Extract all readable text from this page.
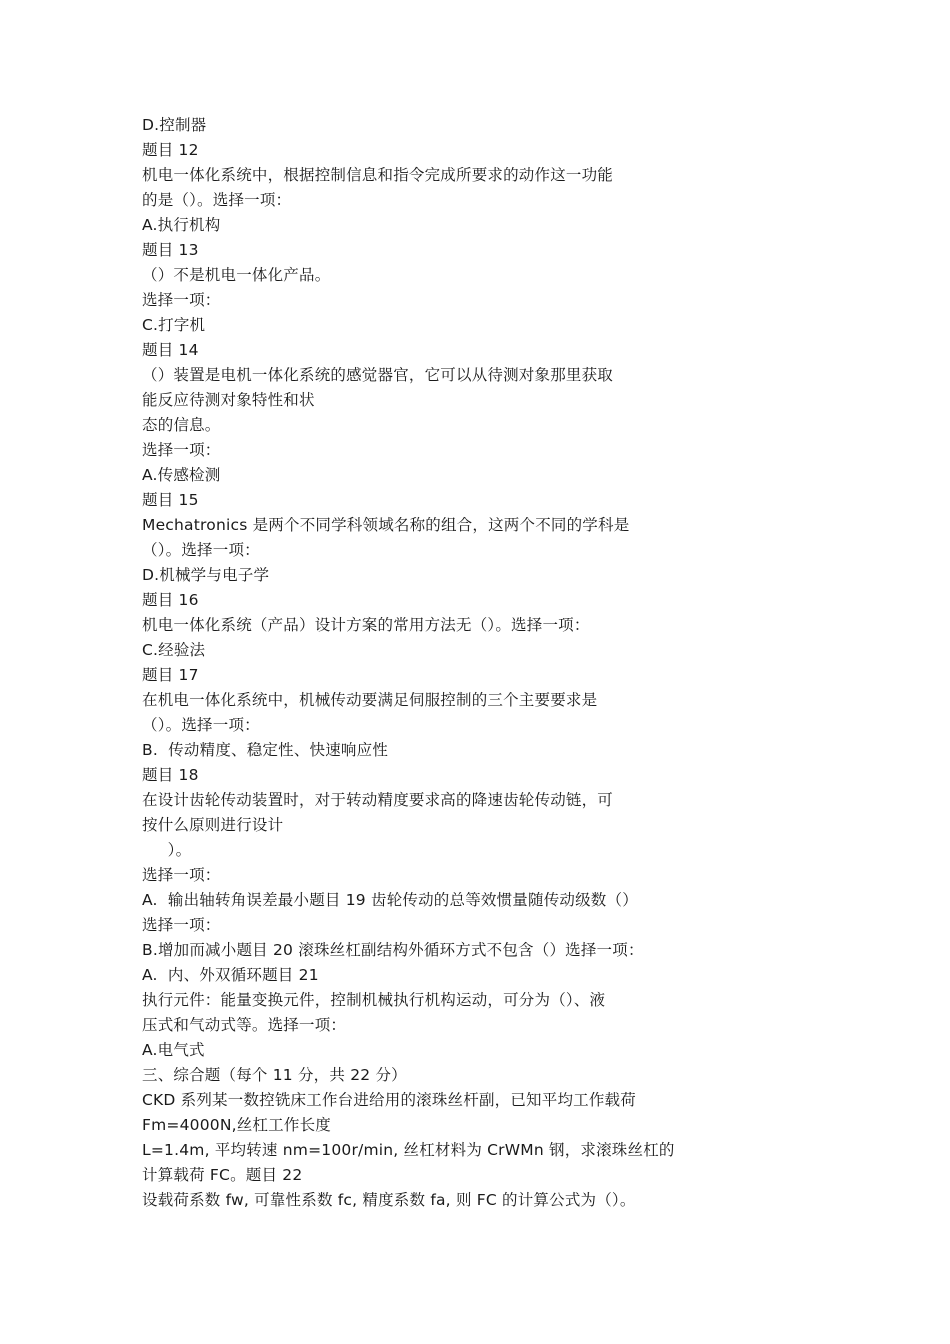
D.控制器
题目 12
机电一体化系统中，根据控制信息和指令完成所要求的动作这一功能
的是（）。选择一项：
A.执行机构
题目 13
（）不是机电一体化产品。
选择一项：
C.打字机
题目 14
（）装置是电机一体化系统的感觉器官，它可以从待测对象那里获取
能反应待测对象特性和状
态的信息。
选择一项：
A.传感检测
题目 15
Mechatronics 是两个不同学科领域名称的组合，这两个不同的学科是
（）。选择一项：
D.机械学与电子学
题目 16
机电一体化系统（产品）设计方案的常用方法无（）。选择一项：
C.经验法
题目 17
在机电一体化系统中，机械传动要满足伺服控制的三个主要要求是
（）。选择一项：
B.  传动精度、稳定性、快速响应性
题目 18
在设计齿轮传动装置时，对于转动精度要求高的降速齿轮传动链，可
按什么原则进行设计
）。
选择一项：
A.  输出轴转角误差最小题目 19 齿轮传动的总等效惯量随传动级数（）
选择一项：
B.增加而减小题目 20 滚珠丝杠副结构外循环方式不包含（）选择一项：
A.  内、外双循环题目 21
执行元件：能量变换元件，控制机械执行机构运动，可分为（）、液
压式和气动式等。选择一项：
A.电气式
三、综合题（每个 11 分，共 22 分）
CKD 系列某一数控铣床工作台进给用的滚珠丝杆副，已知平均工作载荷
Fm=4000N,丝杠工作长度
L=1.4m, 平均转速 nm=100r/min, 丝杠材料为 CrWMn 钢，求滚珠丝杠的
计算载荷 FC。题目 22
设载荷系数 fw, 可靠性系数 fc, 精度系数 fa, 则 FC 的计算公式为（）。
